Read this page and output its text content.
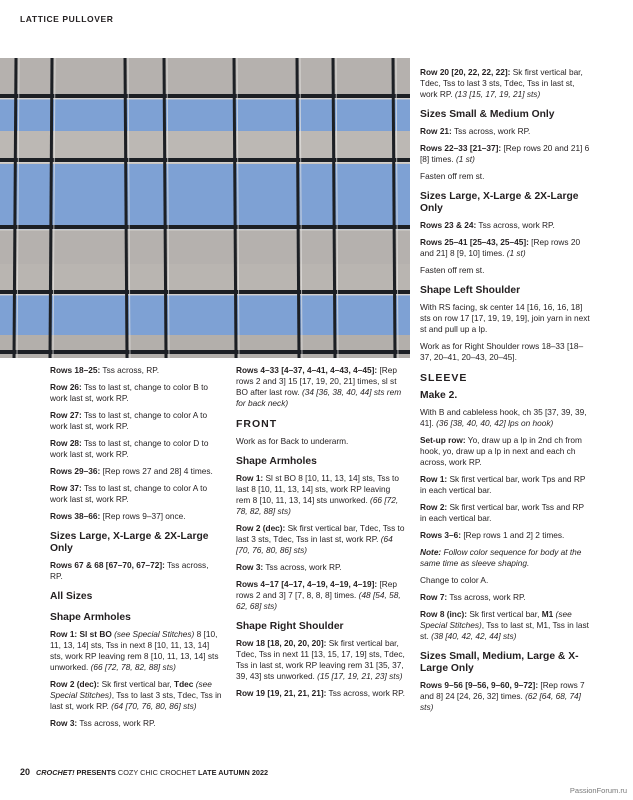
LATTICE PULLOVER

Rows 18–25: Tss across, RP.

Row 26: Tss to last st, change to color B to work last st, work RP.

Row 27: Tss to last st, change to color A to work last st, work RP.

Row 28: Tss to last st, change to color D to work last st, work RP.

Rows 29–36: [Rep rows 27 and 28] 4 times.

Row 37: Tss to last st, change to color A to work last st, work RP.

Rows 38–66: [Rep rows 9–37] once.

Sizes Large, X-Large & 2X-Large Only

Rows 67 & 68 [67–70, 67–72]: Tss across, RP.

All Sizes
Shape Armholes

Row 1: Sl st BO (see Special Stitches) 8 [10, 11, 13, 14] sts, Tss in next 8 [10, 11, 13, 14] sts, work RP leaving rem 8 [10, 11, 13, 14] sts unworked. (66 [72, 78, 82, 88] sts)

Row 2 (dec): Sk first vertical bar, Tdec (see Special Stitches), Tss to last 3 sts, Tdec, Tss in last st, work RP. (64 [70, 76, 80, 86] sts)

Row 3: Tss across, work RP.

Rows 4–33 [4–37, 4–41, 4–43, 4–45]: [Rep rows 2 and 3] 15 [17, 19, 20, 21] times, sl st BO after last row. (34 [36, 38, 40, 44] sts rem for back neck)

FRONT

Work as for Back to underarm.

Shape Armholes

Row 1: Sl st BO 8 [10, 11, 13, 14] sts, Tss to last 8 [10, 11, 13, 14] sts, work RP leaving rem 8 [10, 11, 13, 14] sts unworked. (66 [72, 78, 82, 88] sts)

Row 2 (dec): Sk first vertical bar, Tdec, Tss to last 3 sts, Tdec, Tss in last st, work RP. (64 [70, 76, 80, 86] sts)

Row 3: Tss across, work RP.

Rows 4–17 [4–17, 4–19, 4–19, 4–19]: [Rep rows 2 and 3] 7 [7, 8, 8, 8] times. (48 [54, 58, 62, 68] sts)

Shape Right Shoulder

Row 18 [18, 20, 20, 20]: Sk first vertical bar, Tdec, Tss in next 11 [13, 15, 17, 19] sts, Tdec, Tss in last st, work RP leaving rem 31 [35, 37, 39, 43] sts unworked. (15 [17, 19, 21, 23] sts)

Row 19 [19, 21, 21, 21]: Tss across, work RP.

Row 20 [20, 22, 22, 22]: Sk first vertical bar, Tdec, Tss to last 3 sts, Tdec, Tss in last st, work RP. (13 [15, 17, 19, 21] sts)

Sizes Small & Medium Only

Row 21: Tss across, work RP.

Rows 22–33 [21–37]: [Rep rows 20 and 21] 6 [8] times. (1 st)

Fasten off rem st.

Sizes Large, X-Large & 2X-Large Only

Rows 23 & 24: Tss across, work RP.

Rows 25–41 [25–43, 25–45]: [Rep rows 20 and 21] 8 [9, 10] times. (1 st)

Fasten off rem st.

Shape Left Shoulder

With RS facing, sk center 14 [16, 16, 16, 18] sts on row 17 [17, 19, 19, 19], join yarn in next st and pull up a lp.

Work as for Right Shoulder rows 18–33 [18–37, 20–41, 20–43, 20–45].

SLEEVE
Make 2.

With B and cableless hook, ch 35 [37, 39, 39, 41]. (36 [38, 40, 40, 42] lps on hook)

Set-up row: Yo, draw up a lp in 2nd ch from hook, yo, draw up a lp in next and each ch across, work RP.

Row 1: Sk first vertical bar, work Tps and RP in each vertical bar.

Row 2: Sk first vertical bar, work Tss and RP in each vertical bar.

Rows 3–6: [Rep rows 1 and 2] 2 times.

Note: Follow color sequence for body at the same time as sleeve shaping.

Change to color A.

Row 7: Tss across, work RP.

Row 8 (inc): Sk first vertical bar, M1 (see Special Stitches), Tss to last st, M1, Tss in last st. (38 [40, 42, 42, 44] sts)

Sizes Small, Medium, Large & X-Large Only

Rows 9–56 [9–56, 9–60, 9–72]: [Rep rows 7 and 8] 24 [24, 26, 32] times. (62 [64, 68, 74] sts)

20 CROCHET! PRESENTS COZY CHIC CROCHET LATE AUTUMN 2022
PassionForum.ru
